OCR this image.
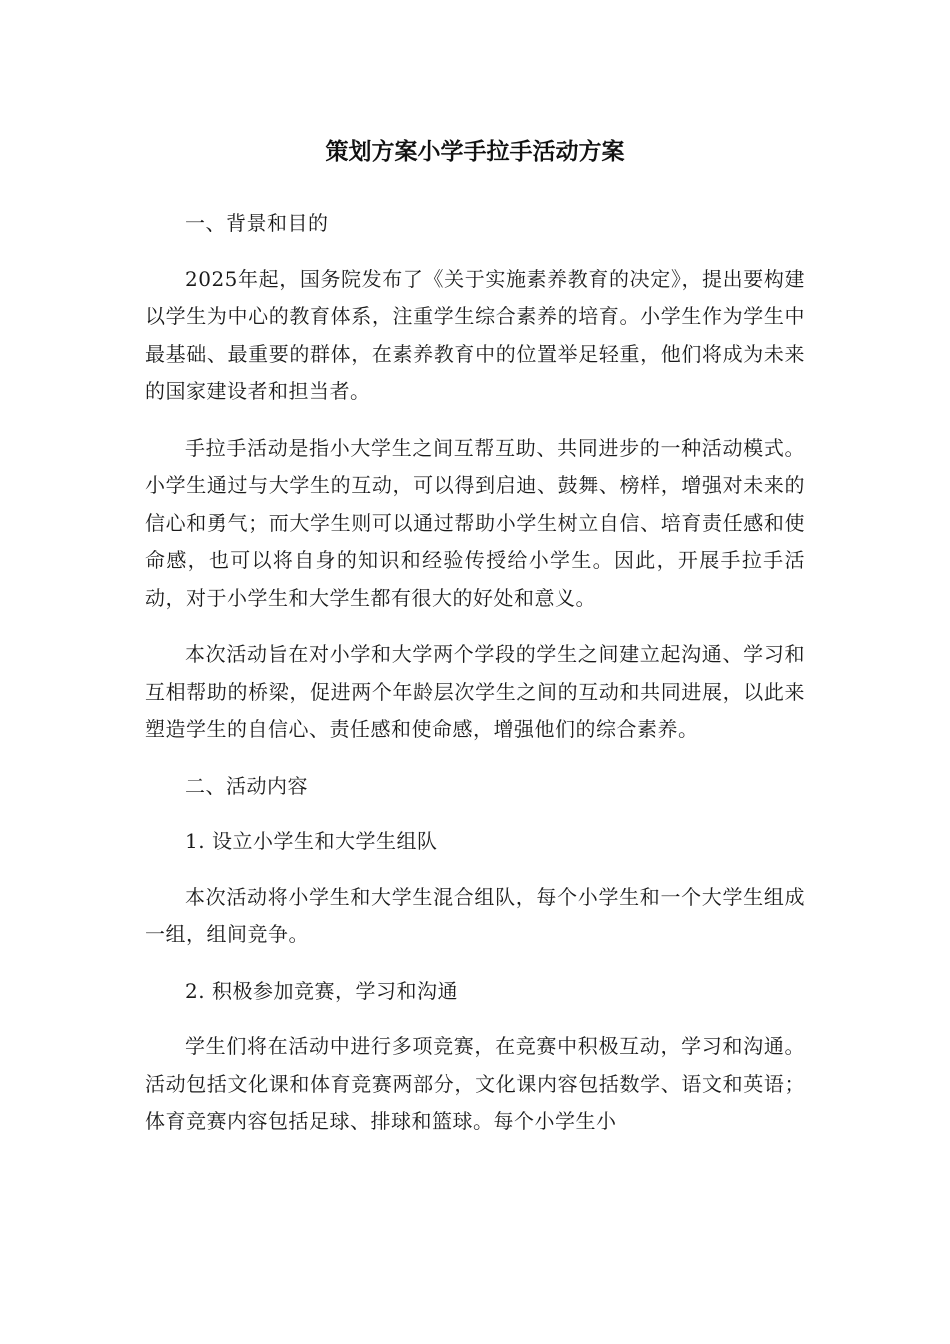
策划方案小学手拉手活动方案

一、背景和目的

2025年起，国务院发布了《关于实施素养教育的决定》，提出要构建以学生为中心的教育体系，注重学生综合素养的培育。小学生作为学生中最基础、最重要的群体，在素养教育中的位置举足轻重，他们将成为未来的国家建设者和担当者。

手拉手活动是指小大学生之间互帮互助、共同进步的一种活动模式。小学生通过与大学生的互动，可以得到启迪、鼓舞、榜样，增强对未来的信心和勇气；而大学生则可以通过帮助小学生树立自信、培育责任感和使命感，也可以将自身的知识和经验传授给小学生。因此，开展手拉手活动，对于小学生和大学生都有很大的好处和意义。

本次活动旨在对小学和大学两个学段的学生之间建立起沟通、学习和互相帮助的桥梁，促进两个年龄层次学生之间的互动和共同进展，以此来塑造学生的自信心、责任感和使命感，增强他们的综合素养。

二、活动内容

1. 设立小学生和大学生组队

本次活动将小学生和大学生混合组队，每个小学生和一个大学生组成一组，组间竞争。

2. 积极参加竞赛，学习和沟通

学生们将在活动中进行多项竞赛，在竞赛中积极互动，学习和沟通。活动包括文化课和体育竞赛两部分，文化课内容包括数学、语文和英语；体育竞赛内容包括足球、排球和篮球。每个小学生小
